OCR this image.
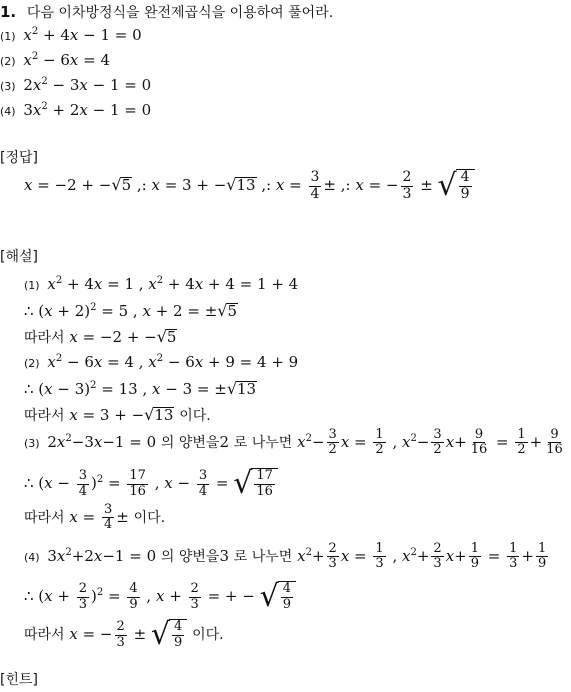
1. 다음 이차방정식을 완전제곱식을 이용하여 풀어라.
(1) $x^2 + 4x - 1 = 0$
(2) $x^2 - 6x = 4$
(3) $2x^2 - 3x - 1 = 0$
(4) $3x^2 + 2x - 1 = 0$
[정답]
x = −2 + −√5 ,: x = 3 + −√13 ,: $x = \frac{3}{4}$ ± ,: x = − $\frac{2}{3}$ ± √ $\frac{4}{9}$
[해설]
(1) $x^2 + 4x = 1$ , $x^2 + 4x + 4 = 1 + 4$
∴ $(x + 2)^2 = 5$ , x + 2 = ±√5
따라서 x = −2 + −√5
(2) $x^2 - 6x = 4$ , $x^2 - 6x + 9 = 4 + 9$
∴ $(x - 3)^2 = 13$ , x − 3 = ±√13
따라서 x = 3 + −√13 이다.
(3) $2x^2-3x-1 = 0$ 의 양변을2 로 나누면 $x^2- \frac{3}{2}$ $x = \frac{1}{2}$ , $x^2- \frac{3}{2} x+ \frac{9}{16} = \frac{1}{2} + \frac{9}{16}$
∴ $(x - \frac{3}{4} )^2 = \frac{17}{16}$ , $x - \frac{3}{4}$ = √ $\frac{17}{16}$
따라서 $x = \frac{3}{4}$ ± 이다.
(4) $3x^2+2x-1 = 0$ 의 양변을3 로 나누면 $x^2+ \frac{2}{3}$ $x = \frac{1}{3}$ , $x^2+ \frac{2}{3} x+ \frac{1}{9} = \frac{1}{3} + \frac{1}{9}$
∴ $(x + \frac{2}{3} )^2 = \frac{4}{9}$ , $x + \frac{2}{3}$ = + − √ $\frac{4}{9}$
따라서 x = − $\frac{2}{3}$ ± √ $\frac{4}{9}$ 이다.
[힌트]
